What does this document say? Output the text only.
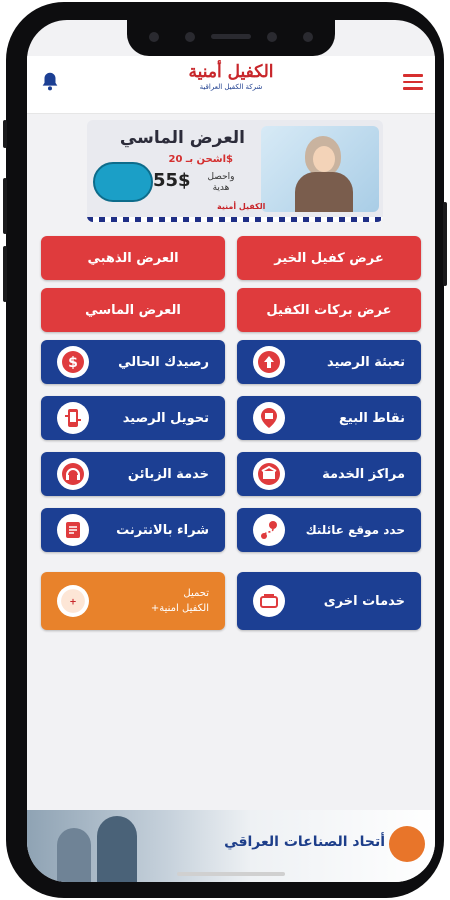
الكفيل أمنية
شركة الكفيل العراقية
العرض الماسي
اشحن بـ 20$
55$	واحصل هدية
الكفيل أمنية
العرض الذهبي	عرض كفيل الخير
العرض الماسي	عرض بركات الكفيل
$	رصيدك الحالي	تعبئة الرصيد
تحويل الرصيد	نقاط البيع
خدمة الزبائن	مراكز الخدمة
شراء بالانترنت	حدد موقع عائلتك
+
تحميل
الكفيل امنية+	خدمات اخرى
أتحاد الصناعات العراقي
